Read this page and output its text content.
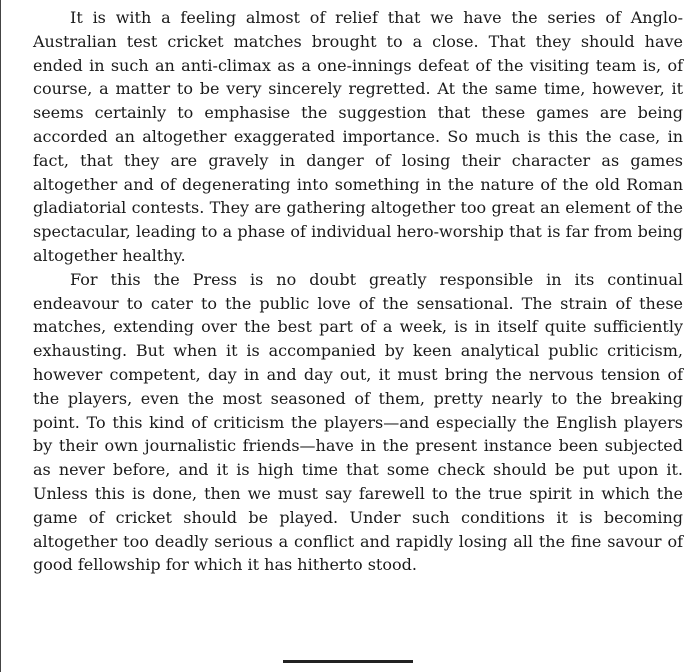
It is with a feeling almost of relief that we have the series of Anglo-Australian test cricket matches brought to a close. That they should have ended in such an anti-climax as a one-innings defeat of the visiting team is, of course, a matter to be very sincerely regretted. At the same time, however, it seems certainly to emphasise the suggestion that these games are being accorded an altogether exaggerated importance. So much is this the case, in fact, that they are gravely in danger of losing their character as games altogether and of degenerating into something in the nature of the old Roman gladiatorial contests. They are gathering altogether too great an element of the spectacular, leading to a phase of individual hero-worship that is far from being altogether healthy.

For this the Press is no doubt greatly responsible in its continual endeavour to cater to the public love of the sensational. The strain of these matches, extending over the best part of a week, is in itself quite sufficiently exhausting. But when it is accompanied by keen analytical public criticism, however competent, day in and day out, it must bring the nervous tension of the players, even the most seasoned of them, pretty nearly to the breaking point. To this kind of criticism the players—and especially the English players by their own journalistic friends—have in the present instance been subjected as never before, and it is high time that some check should be put upon it. Unless this is done, then we must say farewell to the true spirit in which the game of cricket should be played. Under such conditions it is becoming altogether too deadly serious a conflict and rapidly losing all the fine savour of good fellowship for which it has hitherto stood.
